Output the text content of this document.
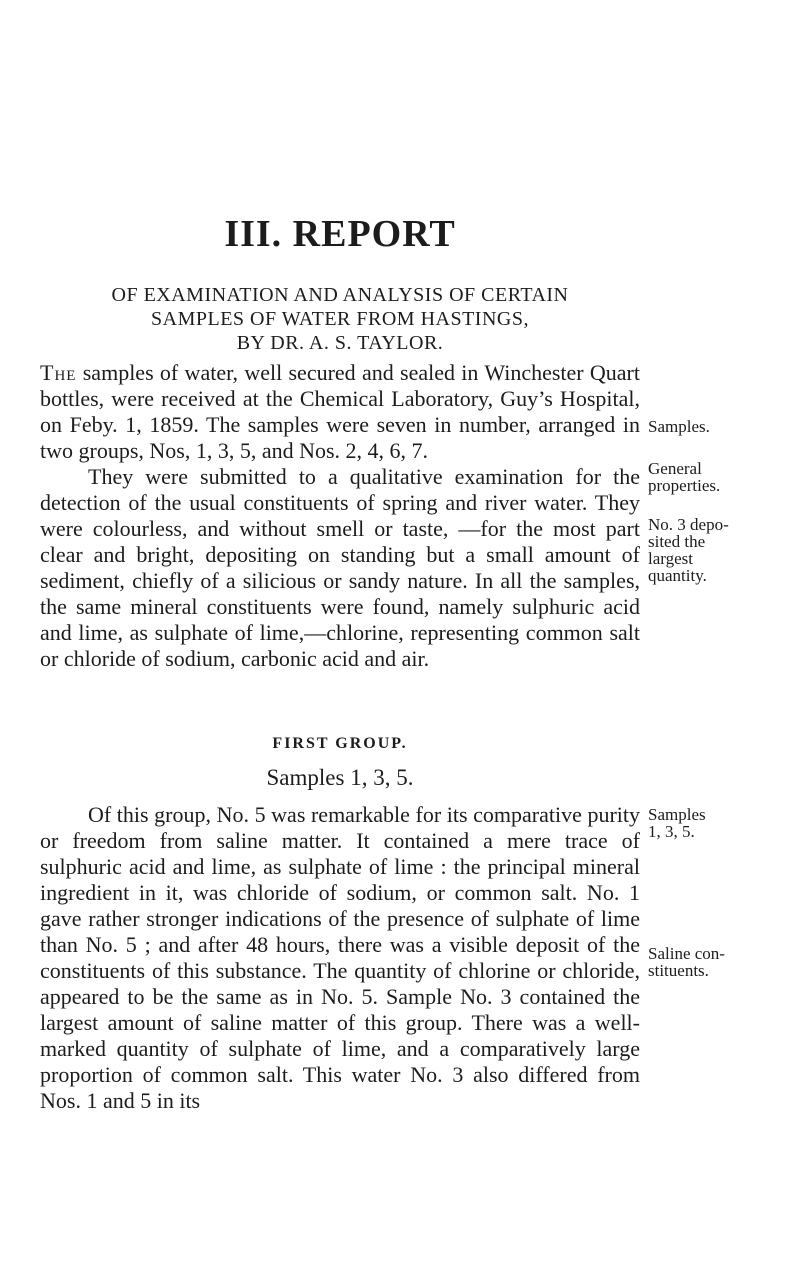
III. REPORT
OF EXAMINATION AND ANALYSIS OF CERTAIN
SAMPLES OF WATER FROM HASTINGS,
BY DR. A. S. TAYLOR.

The samples of water, well secured and sealed in Winchester Quart bottles, were received at the Chemical Laboratory, Guy’s Hospital, on Feby. 1, 1859. The samples were seven in number, arranged in two groups, Nos, 1, 3, 5, and Nos. 2, 4, 6, 7.

They were submitted to a qualitative examination for the detection of the usual constituents of spring and river water. They were colourless, and without smell or taste, —for the most part clear and bright, depositing on standing but a small amount of sediment, chiefly of a silicious or sandy nature. In all the samples, the same mineral constituents were found, namely sulphuric acid and lime, as sulphate of lime,—chlorine, representing common salt or chloride of sodium, carbonic acid and air.

FIRST GROUP.
Samples 1, 3, 5.

Of this group, No. 5 was remarkable for its comparative purity or freedom from saline matter. It contained a mere trace of sulphuric acid and lime, as sulphate of lime : the principal mineral ingredient in it, was chloride of sodium, or common salt. No. 1 gave rather stronger indications of the presence of sulphate of lime than No. 5 ; and after 48 hours, there was a visible deposit of the constituents of this substance. The quantity of chlorine or chloride, appeared to be the same as in No. 5. Sample No. 3 contained the largest amount of saline matter of this group. There was a well-marked quantity of sulphate of lime, and a comparatively large proportion of common salt. This water No. 3 also differed from Nos. 1 and 5 in its

Samples.
General
properties.
No. 3 depo-
sited the
largest
quantity.
Samples
1, 3, 5.
Saline con-
stituents.
